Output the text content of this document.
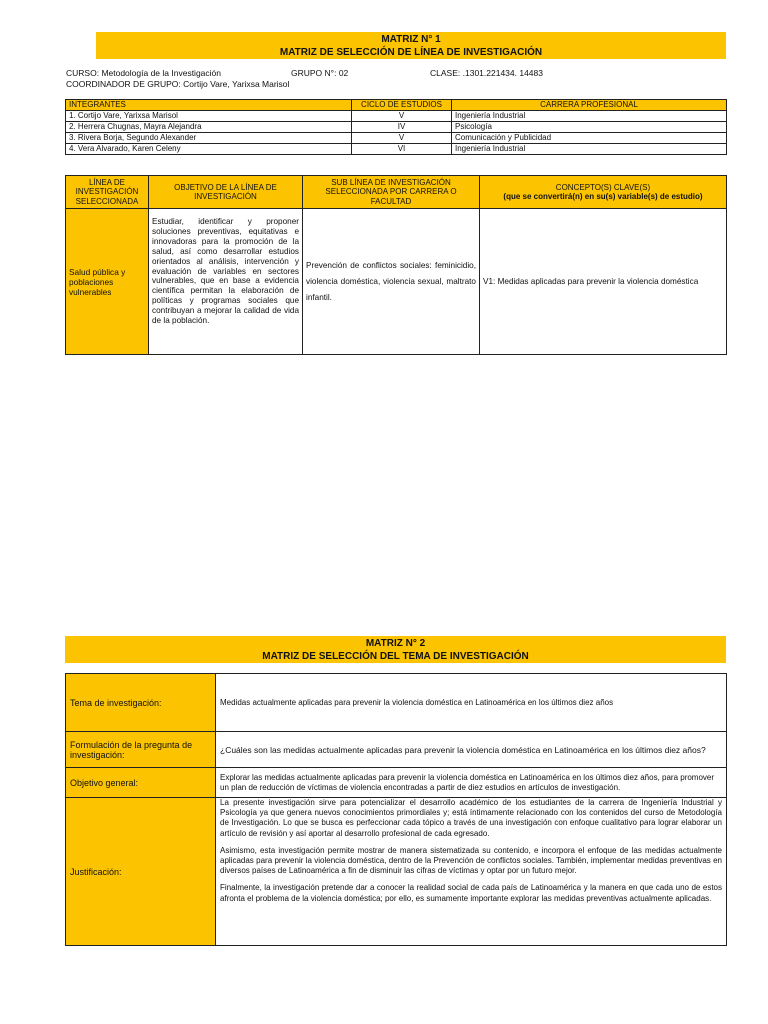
MATRIZ N° 1
MATRIZ DE SELECCIÓN DE LÍNEA DE INVESTIGACIÓN
CURSO: Metodología de la Investigación	GRUPO N°: 02	CLASE: .1301.221434. 14483
COORDINADOR DE GRUPO: Cortijo Vare, Yarixsa Marisol
INTEGRANTES	CICLO DE ESTUDIOS	CARRERA PROFESIONAL
1. Cortijo Vare, Yarixsa Marisol	V	Ingeniería Industrial
2. Herrera Chugnas, Mayra Alejandra	IV	Psicología
3. Rivera Borja, Segundo Alexander	V	Comunicación y Publicidad
4. Vera Alvarado, Karen Celeny	VI	Ingeniería Industrial
LÍNEA DE INVESTIGACIÓN SELECCIONADA	OBJETIVO DE LA LÍNEA DE INVESTIGACIÓN	SUB LÍNEA DE INVESTIGACIÓN SELECCIONADA POR CARRERA O FACULTAD	CONCEPTO(S) CLAVE(S)
(que se convertirá(n) en su(s) variable(s) de estudio)

Salud pública y poblaciones vulnerables	Estudiar, identificar y proponer soluciones preventivas, equitativas e innovadoras para la promoción de la salud, así como desarrollar estudios orientados al análisis, intervención y evaluación de variables en sectores vulnerables, que en base a evidencia científica permitan la elaboración de políticas y programas sociales que contribuyan a mejorar la calidad de vida de la población.	Prevención de conflictos sociales: feminicidio, violencia doméstica, violencia sexual, maltrato infantil.	V1: Medidas aplicadas para prevenir la violencia doméstica
MATRIZ N° 2
MATRIZ DE SELECCIÓN DEL TEMA DE INVESTIGACIÓN
Tema de investigación:	Medidas actualmente aplicadas para prevenir la violencia doméstica en Latinoamérica en los últimos diez años
Formulación de la pregunta de investigación:	¿Cuáles son las medidas actualmente aplicadas para prevenir la violencia doméstica en Latinoamérica en los últimos diez años?
Objetivo general:	Explorar las medidas actualmente aplicadas para prevenir la violencia doméstica en Latinoamérica en los últimos diez años, para promover un plan de reducción de víctimas de violencia encontradas a partir de diez estudios en artículos de investigación.
Justificación:	La presente investigación sirve para potencializar el desarrollo académico de los estudiantes de la carrera de Ingeniería Industrial y Psicología ya que genera nuevos conocimientos primordiales y; está íntimamente relacionado con los contenidos del curso de Metodología de Investigación. Lo que se busca es perfeccionar cada tópico a través de una investigación con enfoque cualitativo para lograr elaborar un artículo de revisión y así aportar al desarrollo profesional de cada egresado.

Asimismo, esta investigación permite mostrar de manera sistematizada su contenido, e incorpora el enfoque de las medidas actualmente aplicadas para prevenir la violencia doméstica, dentro de la Prevención de conflictos sociales. También, implementar medidas preventivas en diversos países de Latinoamérica a fin de disminuir las cifras de víctimas y optar por un futuro mejor.

Finalmente, la investigación pretende dar a conocer la realidad social de cada país de Latinoamérica y la manera en que cada uno de estos afronta el problema de la violencia doméstica; por ello, es sumamente importante explorar las medidas preventivas actualmente aplicadas.
